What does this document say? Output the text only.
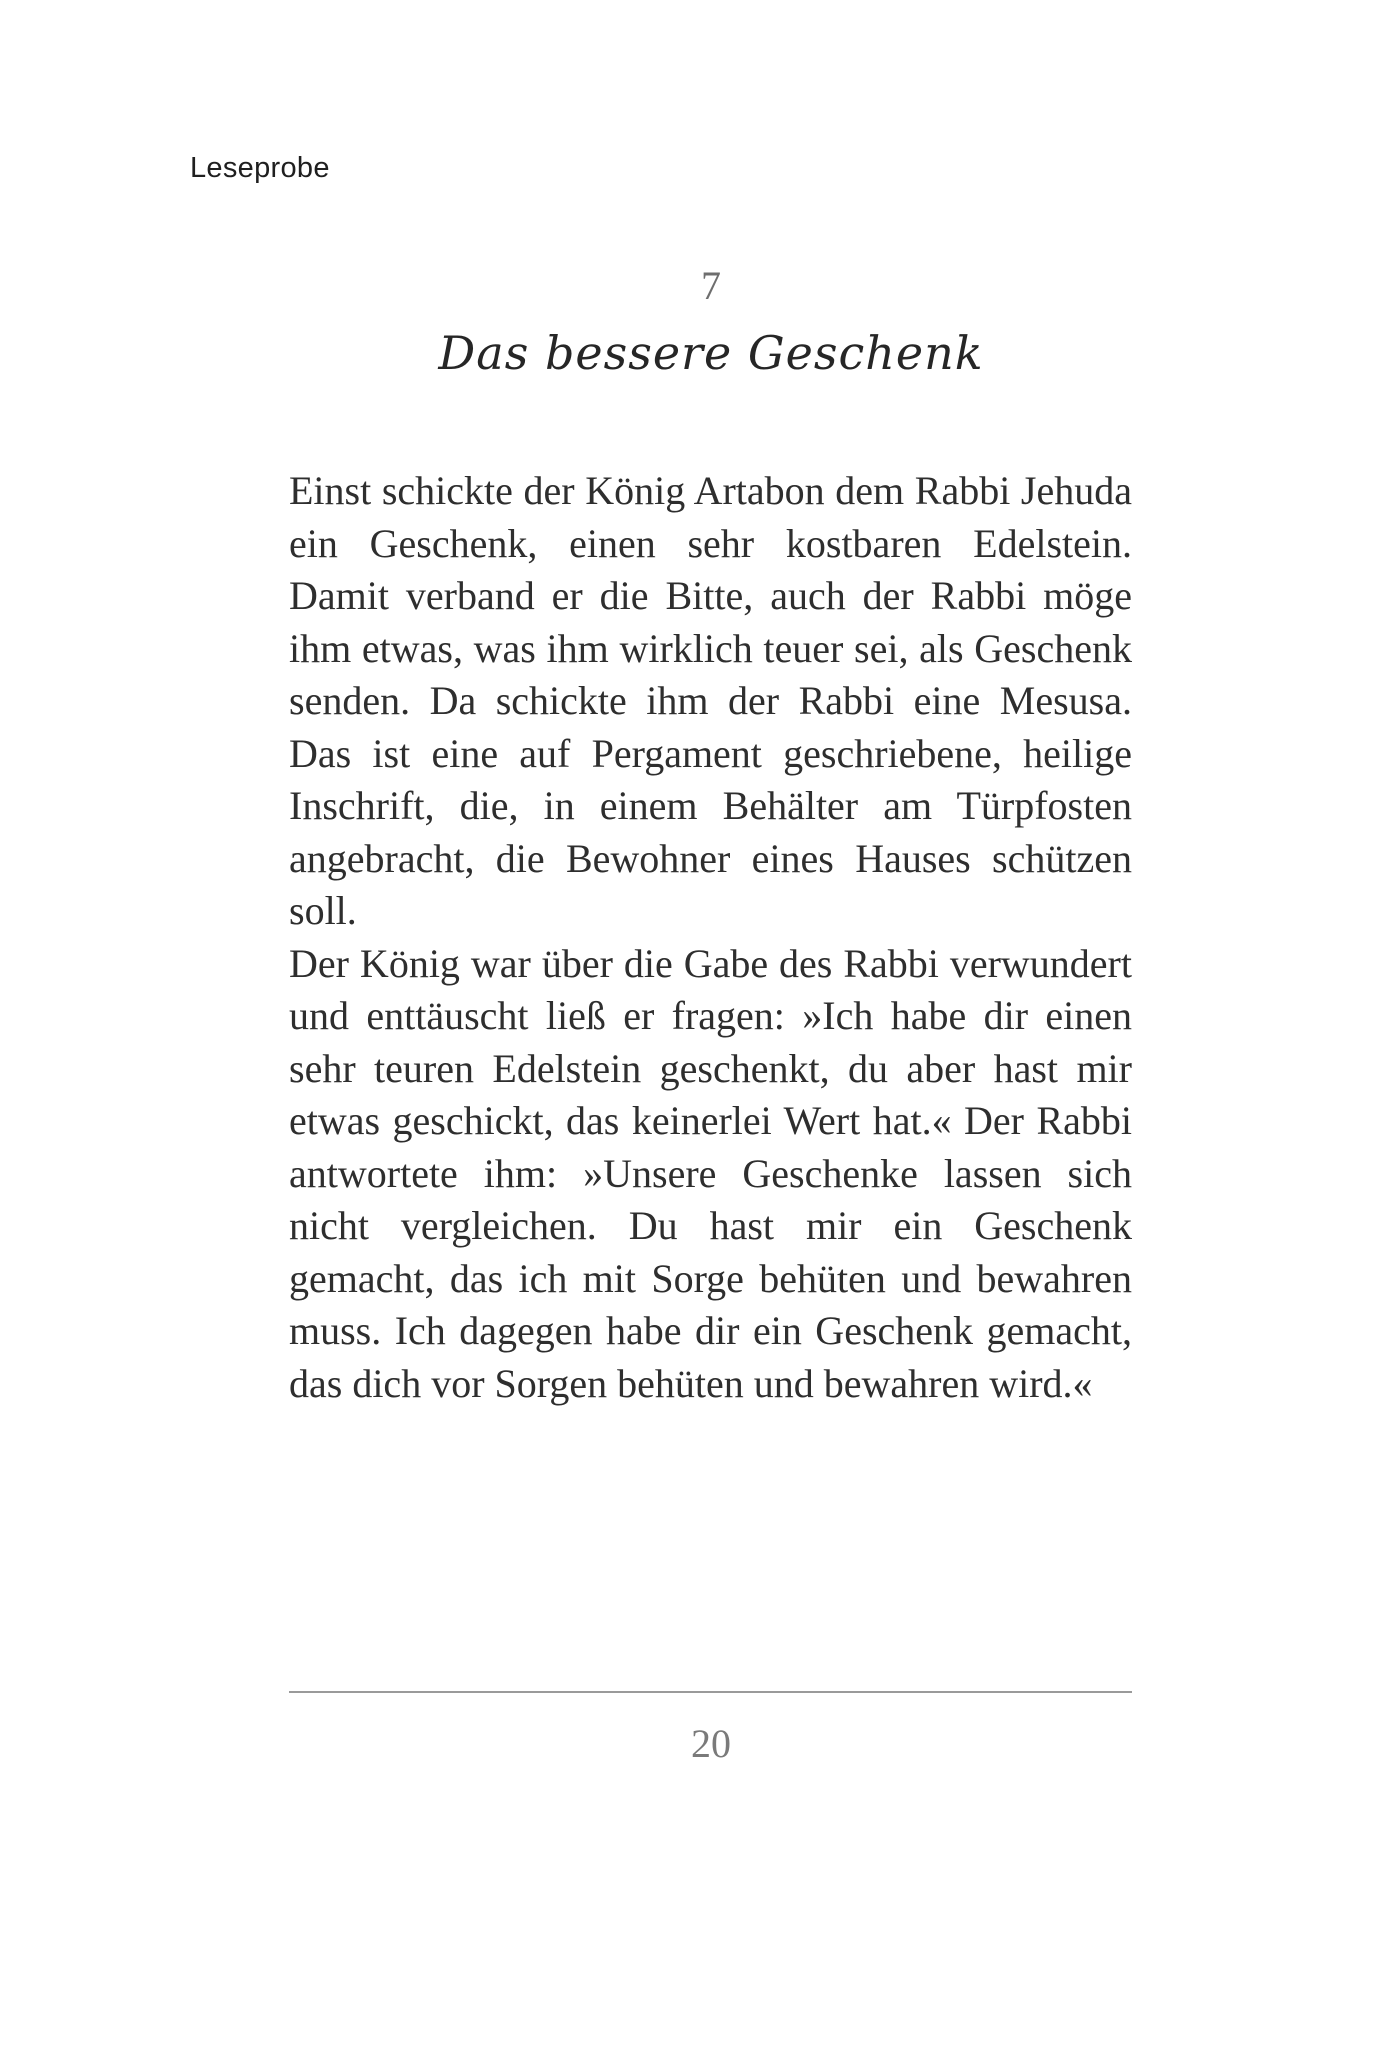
Leseprobe
7
Das bessere Geschenk

Einst schickte der König Artabon dem Rabbi Jehuda ein Geschenk, einen sehr kostbaren Edelstein. Damit verband er die Bitte, auch der Rabbi möge ihm etwas, was ihm wirklich teuer sei, als Geschenk senden. Da schickte ihm der Rabbi eine Mesusa. Das ist eine auf Pergament geschriebene, heilige Inschrift, die, in einem Behälter am Türpfosten angebracht, die Bewohner eines Hauses schützen soll.

Der König war über die Gabe des Rabbi verwundert und enttäuscht ließ er fragen: »Ich habe dir einen sehr teuren Edelstein geschenkt, du aber hast mir etwas geschickt, das keinerlei Wert hat.« Der Rabbi antwortete ihm: »Unsere Geschenke lassen sich nicht vergleichen. Du hast mir ein Geschenk gemacht, das ich mit Sorge behüten und bewahren muss. Ich dagegen habe dir ein Geschenk gemacht, das dich vor Sorgen behüten und bewahren wird.«

20
